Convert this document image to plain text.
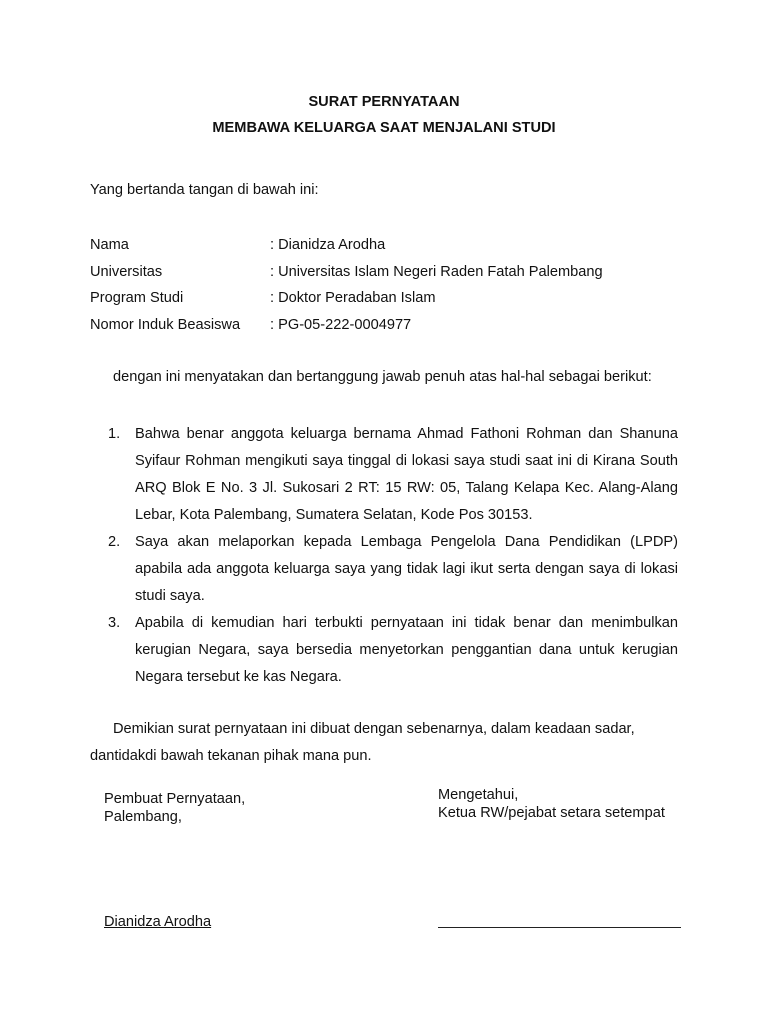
SURAT PERNYATAAN
MEMBAWA KELUARGA SAAT MENJALANI STUDI
Yang bertanda tangan di bawah ini:
Nama	: Dianidza Arodha
Universitas	: Universitas Islam Negeri Raden Fatah Palembang
Program Studi	: Doktor Peradaban Islam
Nomor Induk Beasiswa : PG-05-222-0004977
dengan ini menyatakan dan bertanggung jawab penuh atas hal-hal sebagai berikut:
1. Bahwa benar anggota keluarga bernama Ahmad Fathoni Rohman dan Shanuna Syifaur Rohman mengikuti saya tinggal di lokasi saya studi saat ini di Kirana South ARQ Blok E No. 3 Jl. Sukosari 2 RT: 15 RW: 05, Talang Kelapa Kec. Alang-Alang Lebar, Kota Palembang, Sumatera Selatan, Kode Pos 30153.
2. Saya akan melaporkan kepada Lembaga Pengelola Dana Pendidikan (LPDP) apabila ada anggota keluarga saya yang tidak lagi ikut serta dengan saya di lokasi studi saya.
3. Apabila di kemudian hari terbukti pernyataan ini tidak benar dan menimbulkan kerugian Negara, saya bersedia menyetorkan penggantian dana untuk kerugian Negara tersebut ke kas Negara.
Demikian surat pernyataan ini dibuat dengan sebenarnya, dalam keadaan sadar, dantidakdi bawah tekanan pihak mana pun.
Pembuat Pernyataan,
Palembang,
Mengetahui,
Ketua RW/pejabat setara setempat
Dianidza Arodha
